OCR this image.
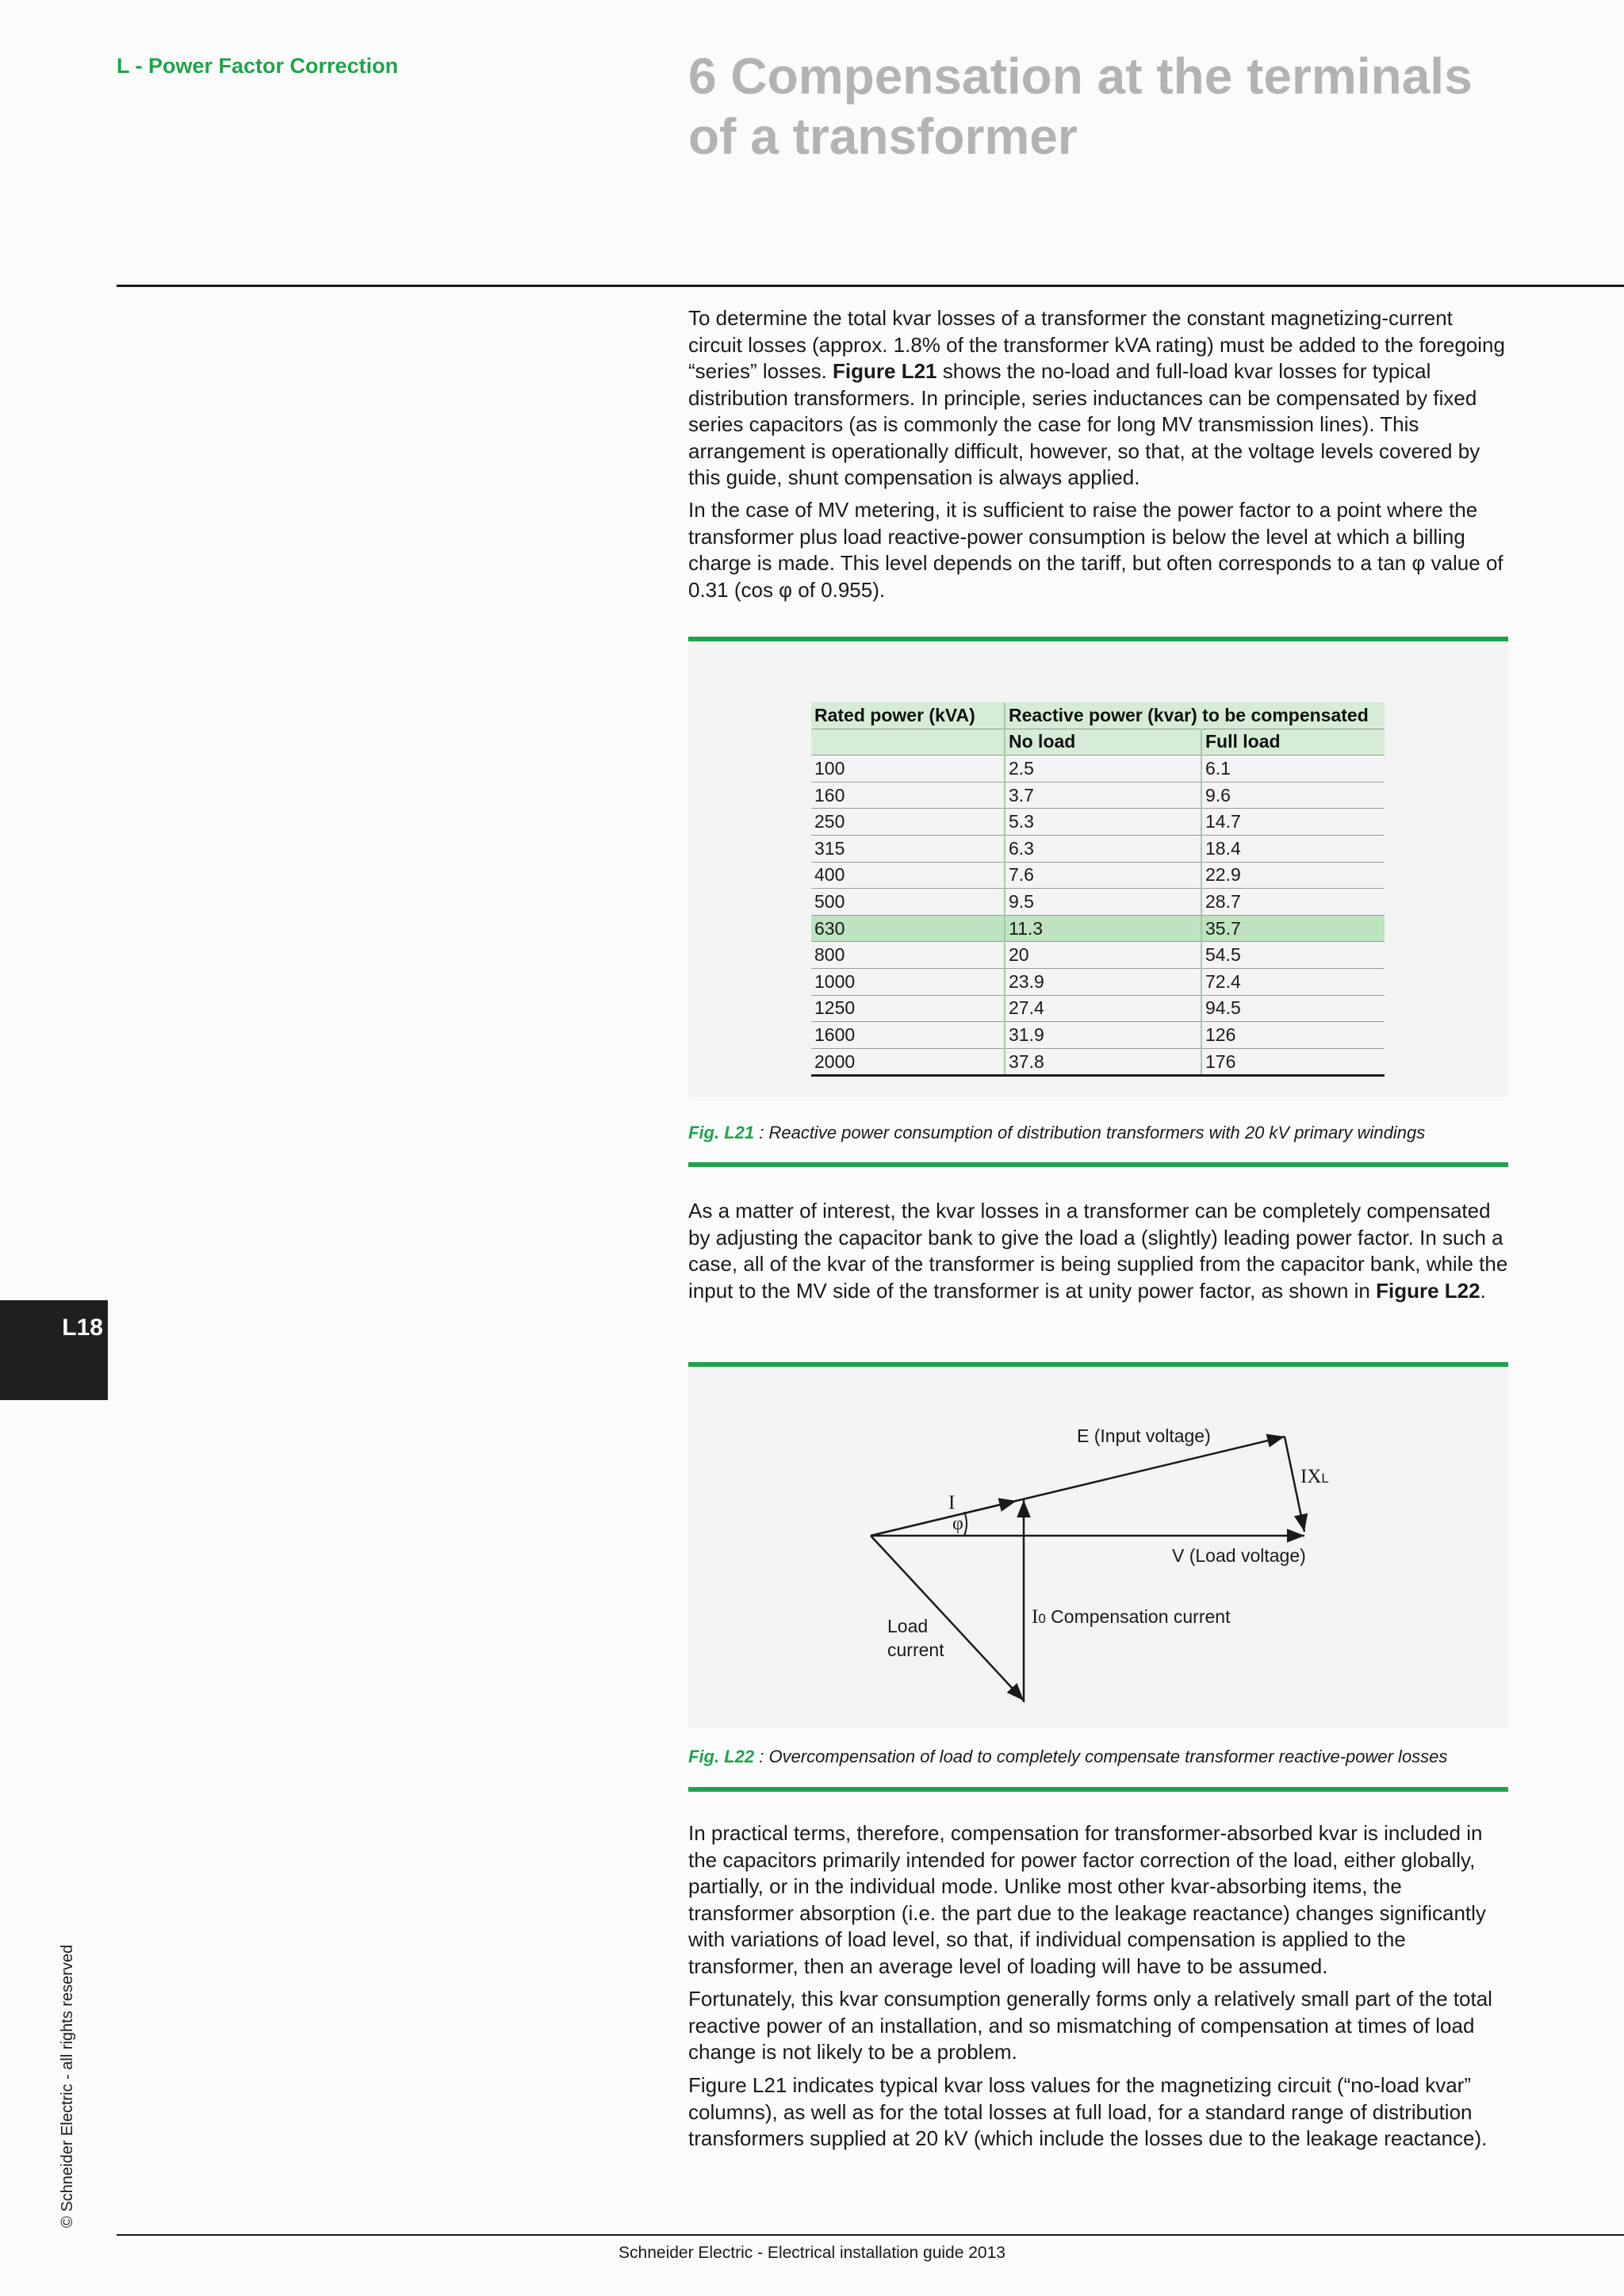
L - Power Factor Correction	6 Compensation at the terminals
of a transformer

To determine the total kvar losses of a transformer the constant magnetizing-current circuit losses (approx. 1.8% of the transformer kVA rating) must be added to the foregoing “series” losses. Figure L21 shows the no-load and full-load kvar losses for typical distribution transformers. In principle, series inductances can be compensated by fixed series capacitors (as is commonly the case for long MV transmission lines). This arrangement is operationally difficult, however, so that, at the voltage levels covered by this guide, shunt compensation is always applied.

In the case of MV metering, it is sufficient to raise the power factor to a point where the transformer plus load reactive-power consumption is below the level at which a billing charge is made. This level depends on the tariff, but often corresponds to a tan φ value of 0.31 (cos φ of 0.955).

Rated power (kVA)	Reactive power (kvar) to be compensated	
	No load	Full load
100	2.5	6.1
160	3.7	9.6
250	5.3	14.7
315	6.3	18.4
400	7.6	22.9
500	9.5	28.7
630	11.3	35.7
800	20	54.5
1000	23.9	72.4
1250	27.4	94.5
1600	31.9	126
2000	37.8	176
Fig. L21 : Reactive power consumption of distribution transformers with 20 kV primary windings

As a matter of interest, the kvar losses in a transformer can be completely compensated by adjusting the capacitor bank to give the load a (slightly) leading power factor. In such a case, all of the kvar of the transformer is being supplied from the capacitor bank, while the input to the MV side of the transformer is at unity power factor, as shown in Figure L22.

E (Input voltage)
IXL
I
φ
V (Load voltage)
I0 Compensation current
Load
current
Fig. L22 : Overcompensation of load to completely compensate transformer reactive-power losses

In practical terms, therefore, compensation for transformer-absorbed kvar is included in the capacitors primarily intended for power factor correction of the load, either globally, partially, or in the individual mode. Unlike most other kvar-absorbing items, the transformer absorption (i.e. the part due to the leakage reactance) changes significantly with variations of load level, so that, if individual compensation is applied to the transformer, then an average level of loading will have to be assumed.

Fortunately, this kvar consumption generally forms only a relatively small part of the total reactive power of an installation, and so mismatching of compensation at times of load change is not likely to be a problem.

Figure L21 indicates typical kvar loss values for the magnetizing circuit (“no-load kvar” columns), as well as for the total losses at full load, for a standard range of distribution transformers supplied at 20 kV (which include the losses due to the leakage reactance).

L18
© Schneider Electric - all rights reserved
Schneider Electric - Electrical installation guide 2013
